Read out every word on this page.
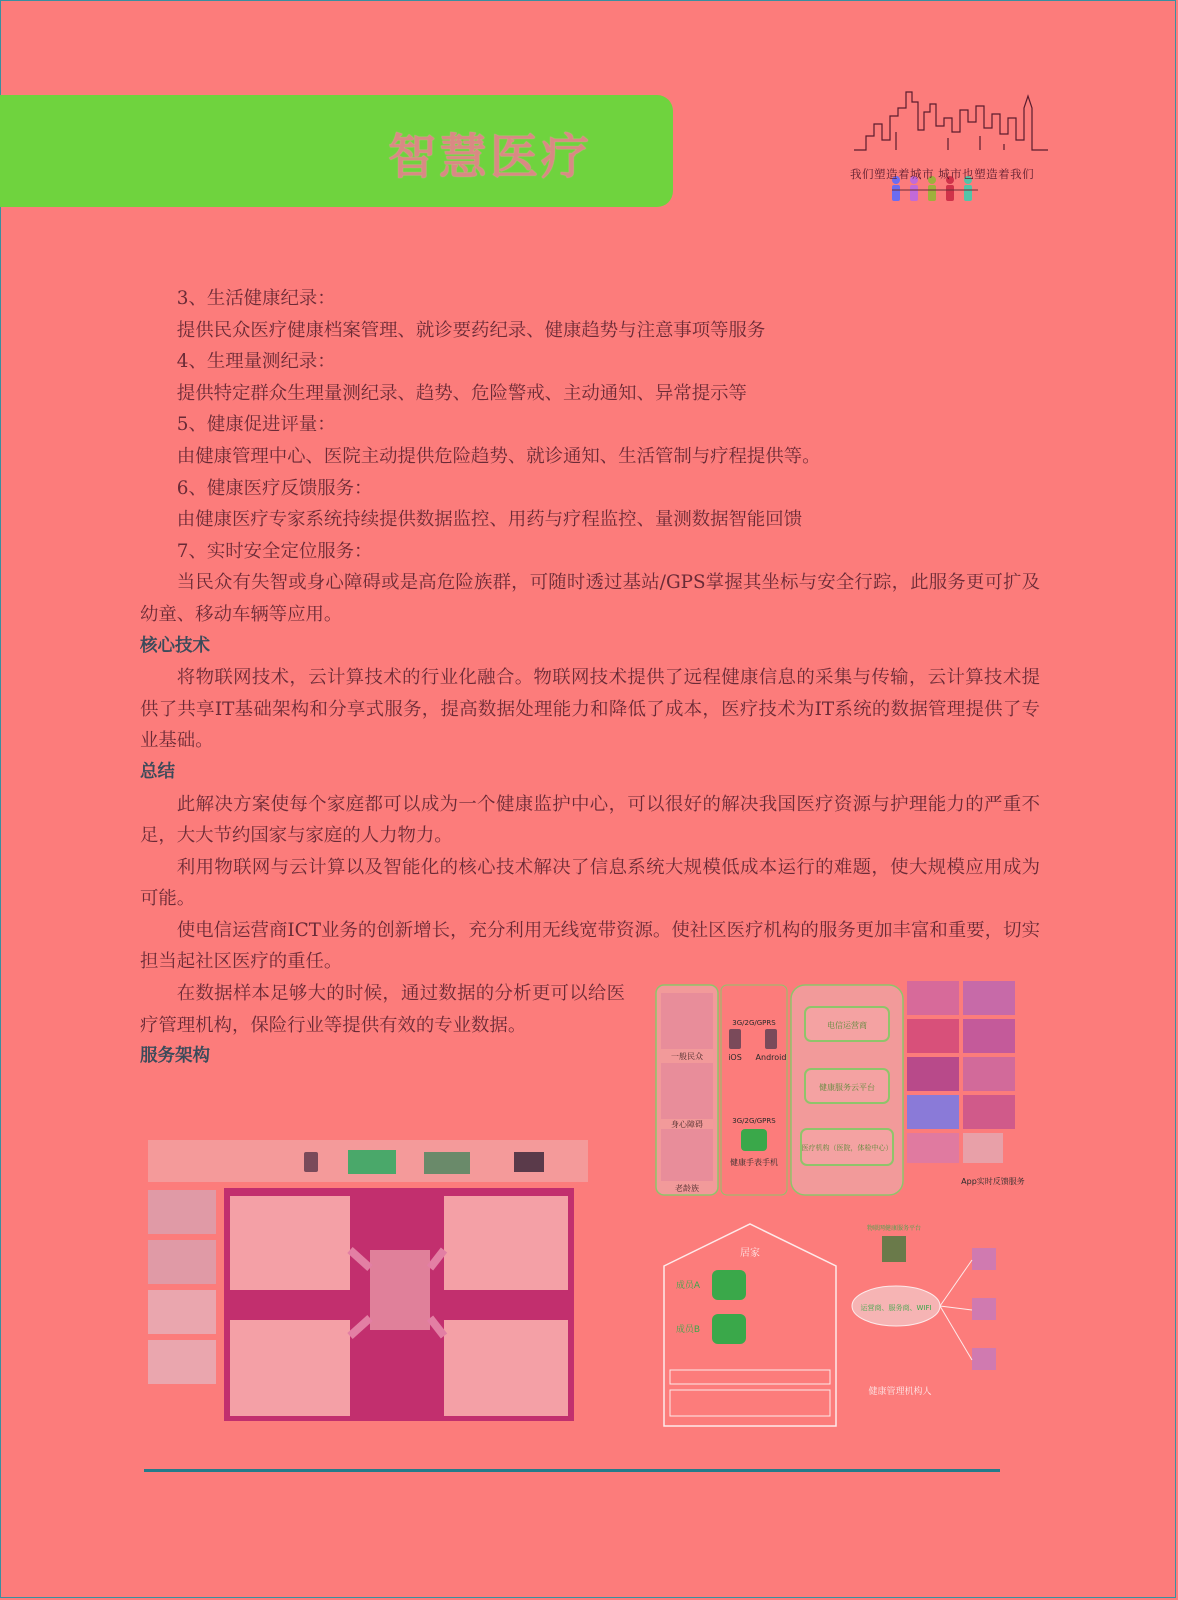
智慧医疗	我们塑造着城市 城市也塑造着我们

3、生活健康纪录：

提供民众医疗健康档案管理、就诊要药纪录、健康趋势与注意事项等服务

4、生理量测纪录：

提供特定群众生理量测纪录、趋势、危险警戒、主动通知、异常提示等

5、健康促进评量：

由健康管理中心、医院主动提供危险趋势、就诊通知、生活管制与疗程提供等。

6、健康医疗反馈服务：

由健康医疗专家系统持续提供数据监控、用药与疗程监控、量测数据智能回馈

7、实时安全定位服务：

当民众有失智或身心障碍或是高危险族群，可随时透过基站/GPS掌握其坐标与安全行踪，此服务更可扩及幼童、移动车辆等应用。

核心技术

将物联网技术，云计算技术的行业化融合。物联网技术提供了远程健康信息的采集与传输，云计算技术提供了共享IT基础架构和分享式服务，提高数据处理能力和降低了成本，医疗技术为IT系统的数据管理提供了专业基础。

总结

此解决方案使每个家庭都可以成为一个健康监护中心，可以很好的解决我国医疗资源与护理能力的严重不足，大大节约国家与家庭的人力物力。

利用物联网与云计算以及智能化的核心技术解决了信息系统大规模低成本运行的难题，使大规模应用成为可能。

使电信运营商ICT业务的创新增长，充分利用无线宽带资源。使社区医疗机构的服务更加丰富和重要，切实担当起社区医疗的重任。

在数据样本足够大的时候，通过数据的分析更可以给医疗管理机构，保险行业等提供有效的专业数据。

服务架构	一般民众
身心障碍
老龄族
3G/2G/GPRS
iOS Android
3G/2G/GPRS
健康手表手机
电信运营商
健康服务云平台
医疗机构（医院，体检中心）
App实时反馈服务
居家
成员A
成员B
运营商、服务商、WIFI
物联网健康服务平台
健康管理机构人
